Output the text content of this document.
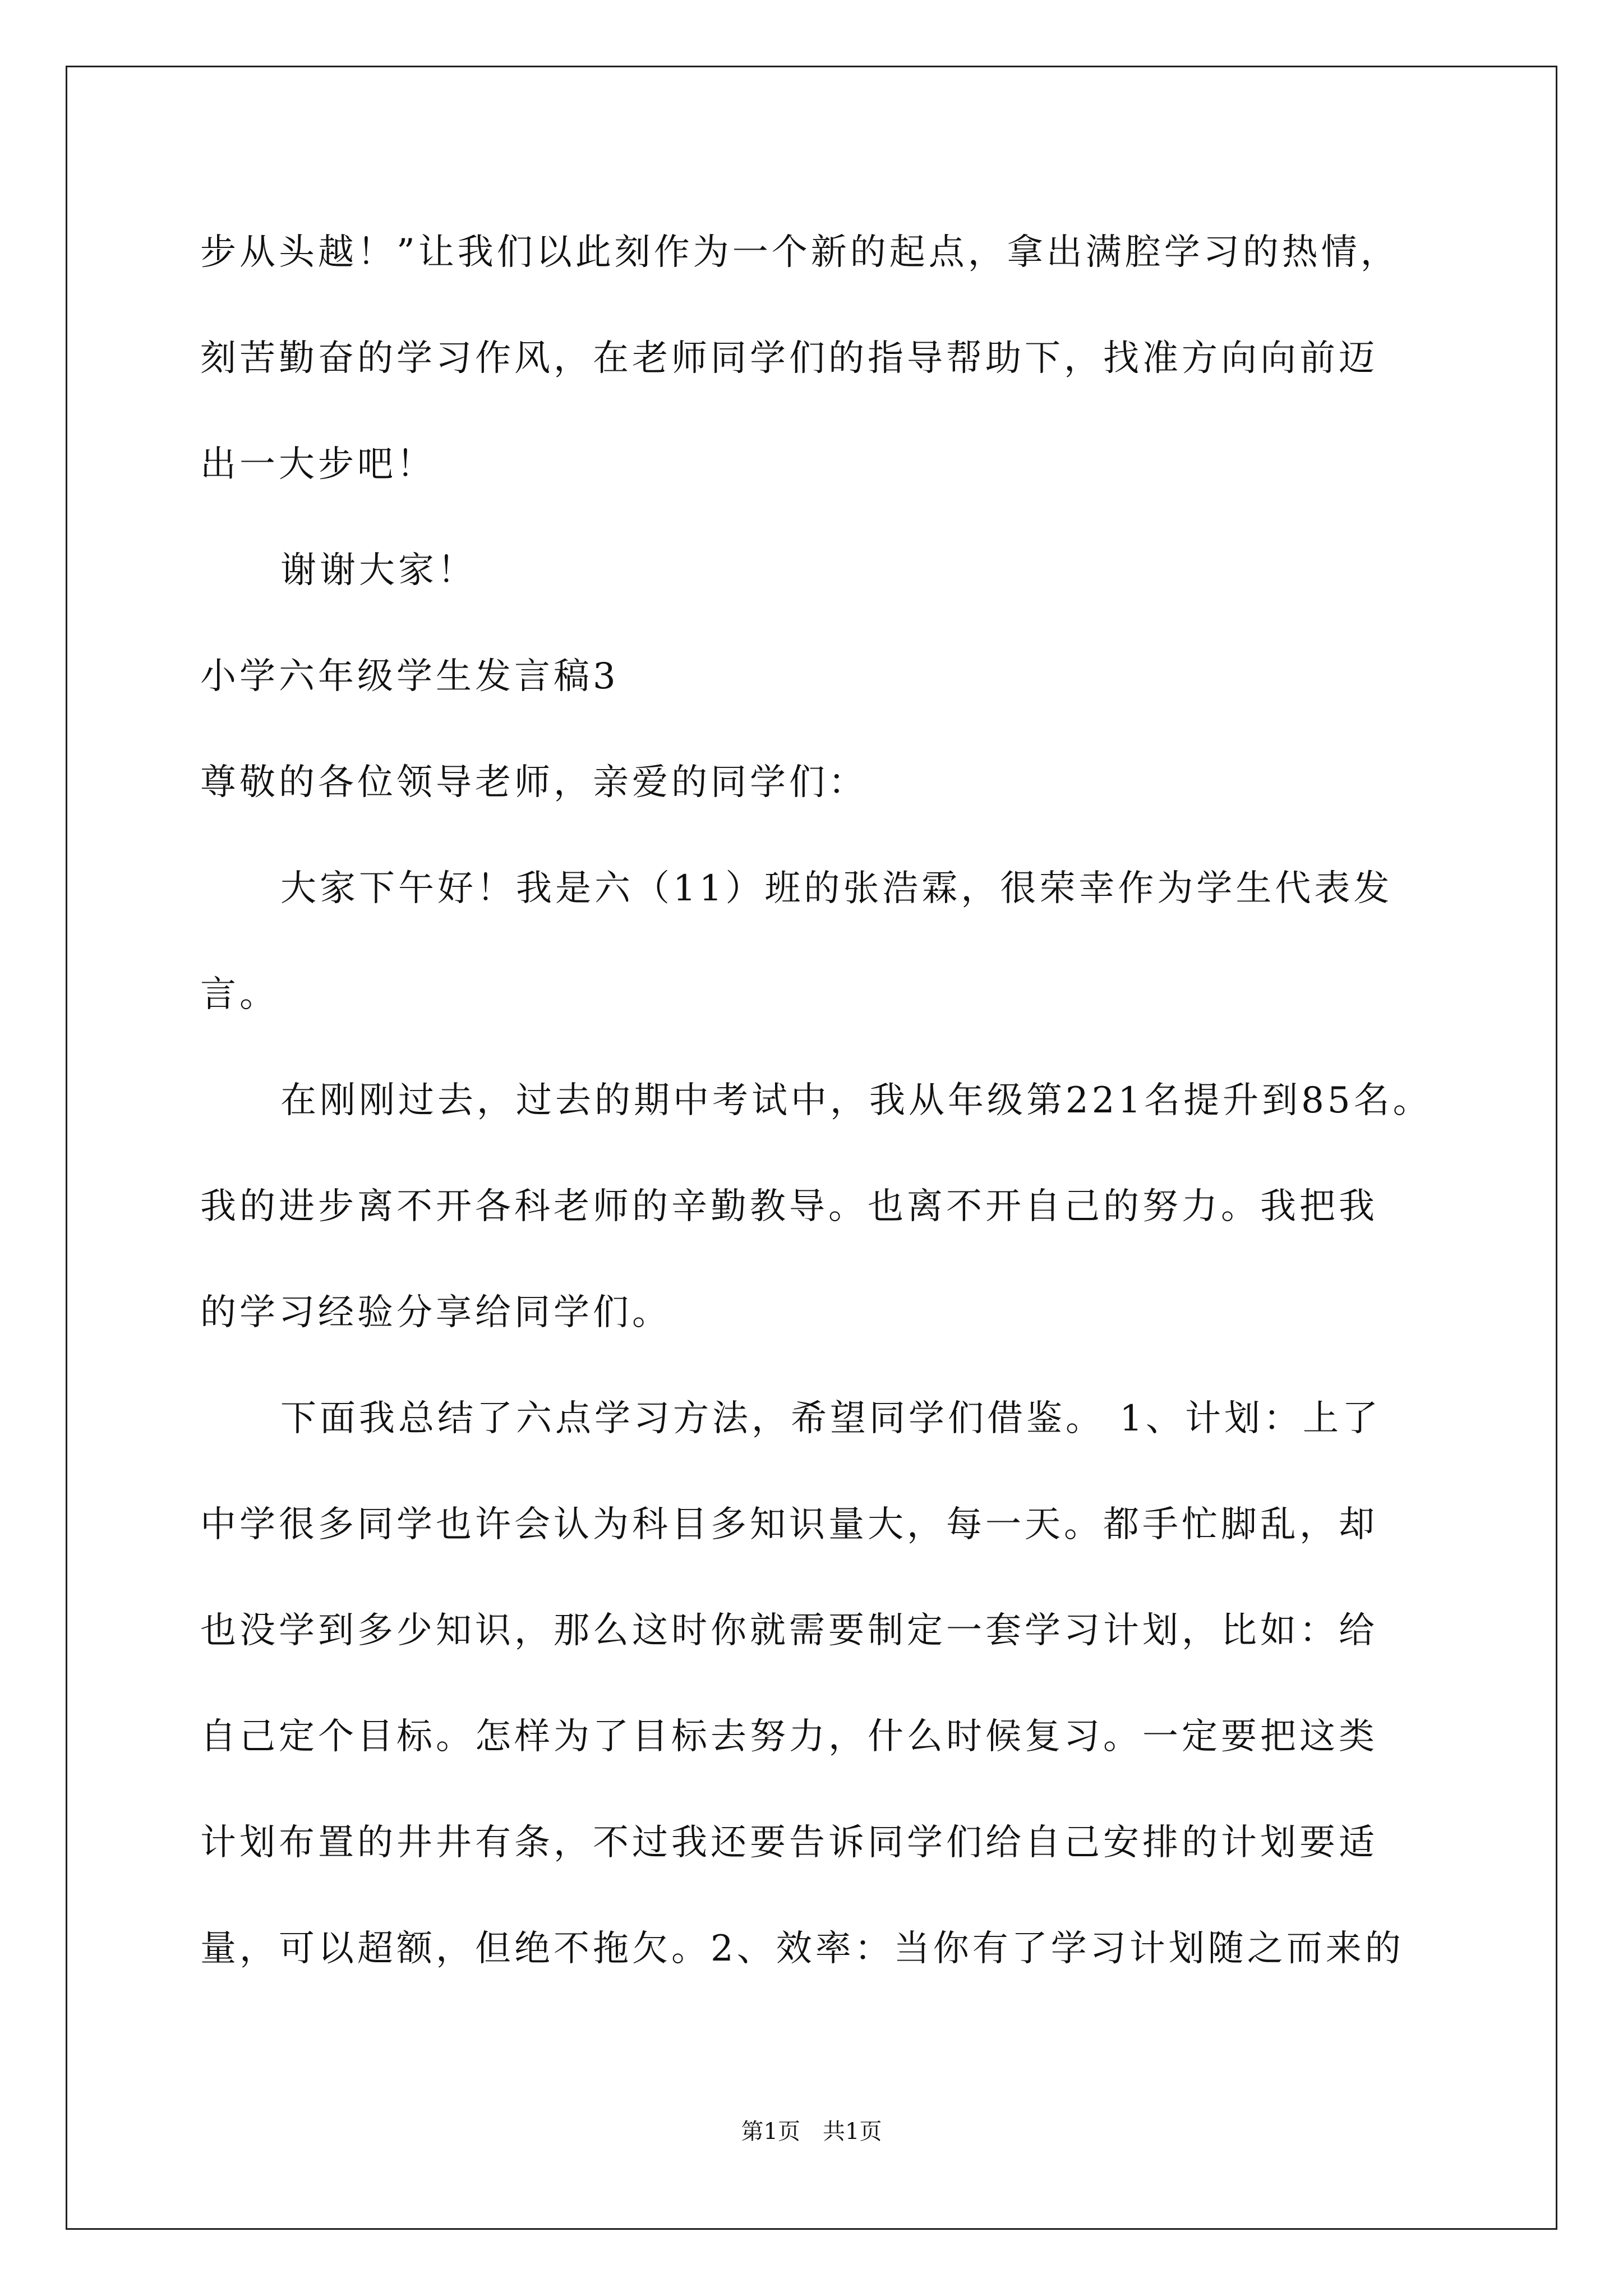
步从头越！”让我们以此刻作为一个新的起点，拿出满腔学习的热情，
刻苦勤奋的学习作风，在老师同学们的指导帮助下，找准方向向前迈
出一大步吧！
谢谢大家！
小学六年级学生发言稿3
尊敬的各位领导老师，亲爱的同学们：
大家下午好！我是六（11）班的张浩霖，很荣幸作为学生代表发
言。
在刚刚过去，过去的期中考试中，我从年级第221名提升到85名。
我的进步离不开各科老师的辛勤教导。也离不开自己的努力。我把我
的学习经验分享给同学们。
下面我总结了六点学习方法，希望同学们借鉴。 1、计划：上了
中学很多同学也许会认为科目多知识量大，每一天。都手忙脚乱，却
也没学到多少知识，那么这时你就需要制定一套学习计划，比如：给
自己定个目标。怎样为了目标去努力，什么时候复习。一定要把这类
计划布置的井井有条，不过我还要告诉同学们给自己安排的计划要适
量，可以超额，但绝不拖欠。2、效率：当你有了学习计划随之而来的
第1页　共1页
